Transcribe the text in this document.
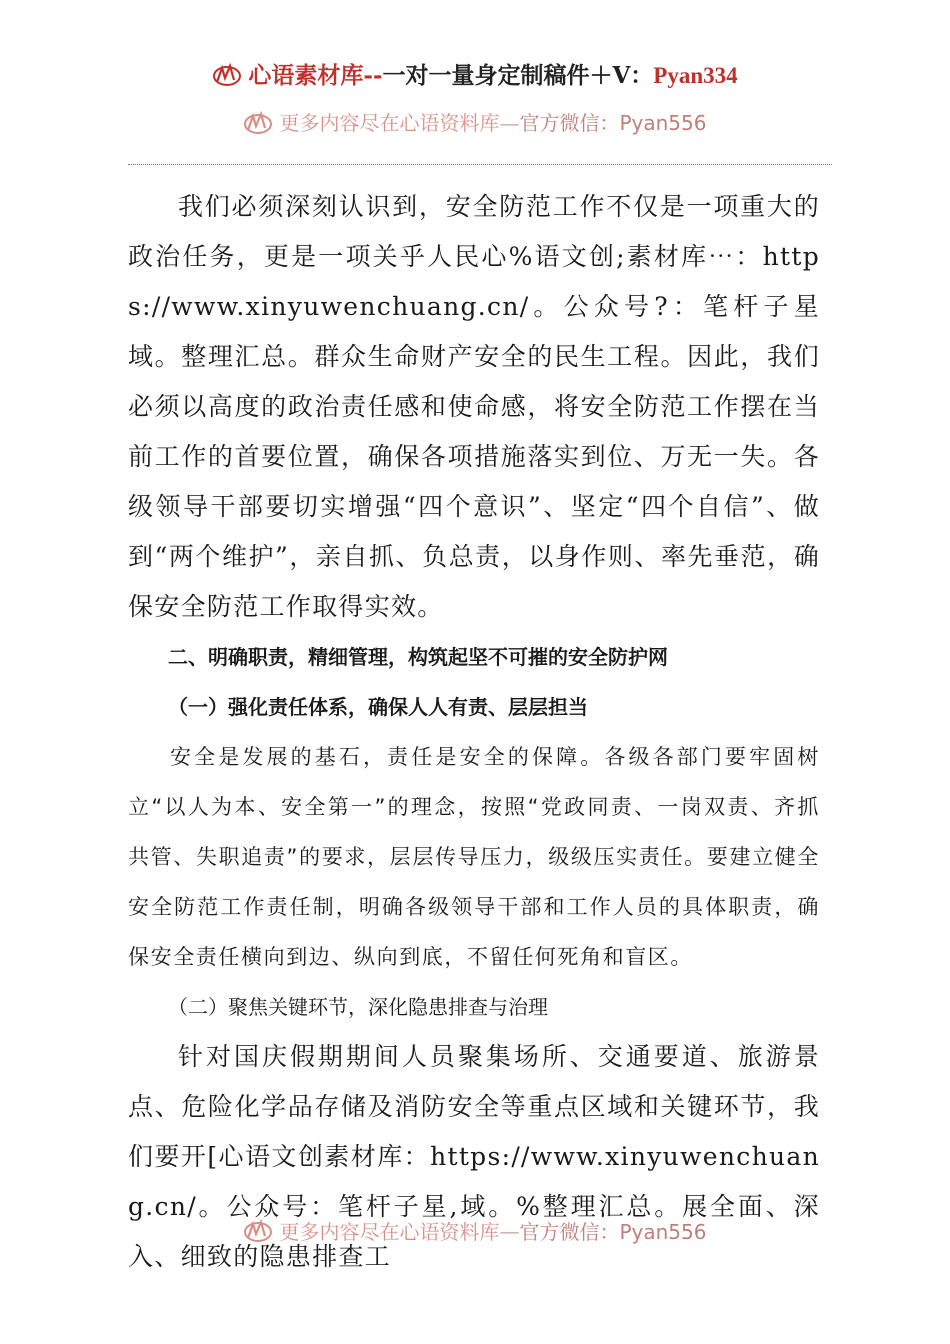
心语素材库 -- 一对一量身定制稿件＋V： Pyan334
更多内容尽在心语资料库 — 官方微信：Pyan556

我们必须深刻认识到，安全防范工作不仅是一项重大的政治任务，更是一项关乎人民心%语文创;素材库⋯：https://www.xinyuwenchuang.cn/。公众号?：笔杆子星域。整理汇总。群众生命财产安全的民生工程。因此，我们必须以高度的政治责任感和使命感，将安全防范工作摆在当前工作的首要位置，确保各项措施落实到位、万无一失。各级领导干部要切实增强“四个意识”、坚定“四个自信”、做到“两个维护”，亲自抓、负总责，以身作则、率先垂范，确保安全防范工作取得实效。

二、明确职责，精细管理，构筑起坚不可摧的安全防护网

（一）强化责任体系，确保人人有责、层层担当

安全是发展的基石，责任是安全的保障。各级各部门要牢固树立“以人为本、安全第一”的理念，按照“党政同责、一岗双责、齐抓共管、失职追责”的要求，层层传导压力，级级压实责任。要建立健全安全防范工作责任制，明确各级领导干部和工作人员的具体职责，确保安全责任横向到边、纵向到底，不留任何死角和盲区。

（二）聚焦关键环节，深化隐患排查与治理

针对国庆假期期间人员聚集场所、交通要道、旅游景点、危险化学品存储及消防安全等重点区域和关键环节，我们要开[心语文创素材库：https://www.xinyuwenchuang.cn/。公众号：笔杆子星,域。%整理汇总。展全面、深入、细致的隐患排查工

更多内容尽在心语资料库 — 官方微信：Pyan556
